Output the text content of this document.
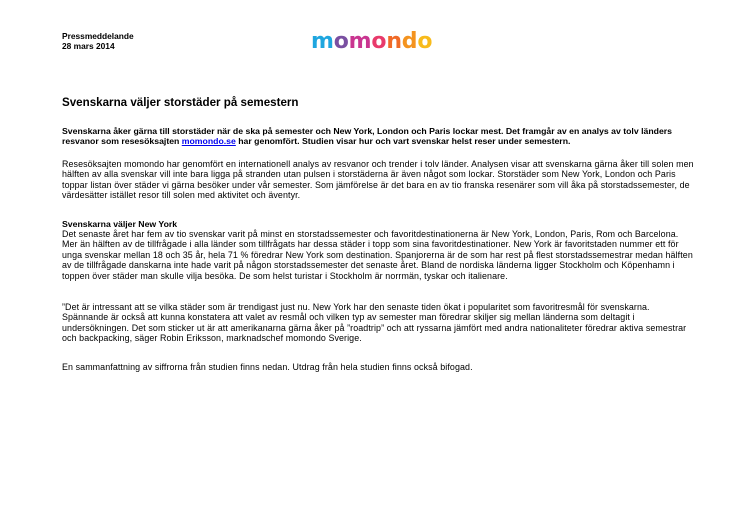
Pressmeddelande
28 mars 2014	momondo
Svenskarna väljer storstäder på semestern

Svenskarna åker gärna till storstäder när de ska på semester och New York, London och Paris lockar mest. Det framgår av en analys av tolv länders resvanor som resesöksajten momondo.se har genomfört. Studien visar hur och vart svenskar helst reser under semestern.

Resesöksajten momondo har genomfört en internationell analys av resvanor och trender i tolv länder. Analysen visar att svenskarna gärna åker till solen men hälften av alla svenskar vill inte bara ligga på stranden utan pulsen i storstäderna är även något som lockar. Storstäder som New York, London och Paris toppar listan över städer vi gärna besöker under vår semester. Som jämförelse är det bara en av tio franska resenärer som vill åka på storstadssemester, de värdesätter istället resor till solen med aktivitet och äventyr.

Svenskarna väljer New York

Det senaste året har fem av tio svenskar varit på minst en storstadssemester och favoritdestinationerna är New York, London, Paris, Rom och Barcelona. Mer än hälften av de tillfrågade i alla länder som tillfrågats har dessa städer i topp som sina favoritdestinationer. New York är favoritstaden nummer ett för unga svenskar mellan 18 och 35 år, hela 71 % föredrar New York som destination. Spanjorerna är de som har rest på flest storstadssemestrar medan hälften av de tillfrågade danskarna inte hade varit på någon storstadssemester det senaste året. Bland de nordiska länderna ligger Stockholm och Köpenhamn i toppen över städer man skulle vilja besöka. De som helst turistar i Stockholm är norrmän, tyskar och italienare.

”Det är intressant att se vilka städer som är trendigast just nu. New York har den senaste tiden ökat i popularitet som favoritresmål för svenskarna. Spännande är också att kunna konstatera att valet av resmål och vilken typ av semester man föredrar skiljer sig mellan länderna som deltagit i undersökningen. Det som sticker ut är att amerikanarna gärna åker på ”roadtrip” och att ryssarna jämfört med andra nationaliteter föredrar aktiva semestrar och backpacking, säger Robin Eriksson, marknadschef momondo Sverige.

En sammanfattning av siffrorna från studien finns nedan. Utdrag från hela studien finns också bifogad.
